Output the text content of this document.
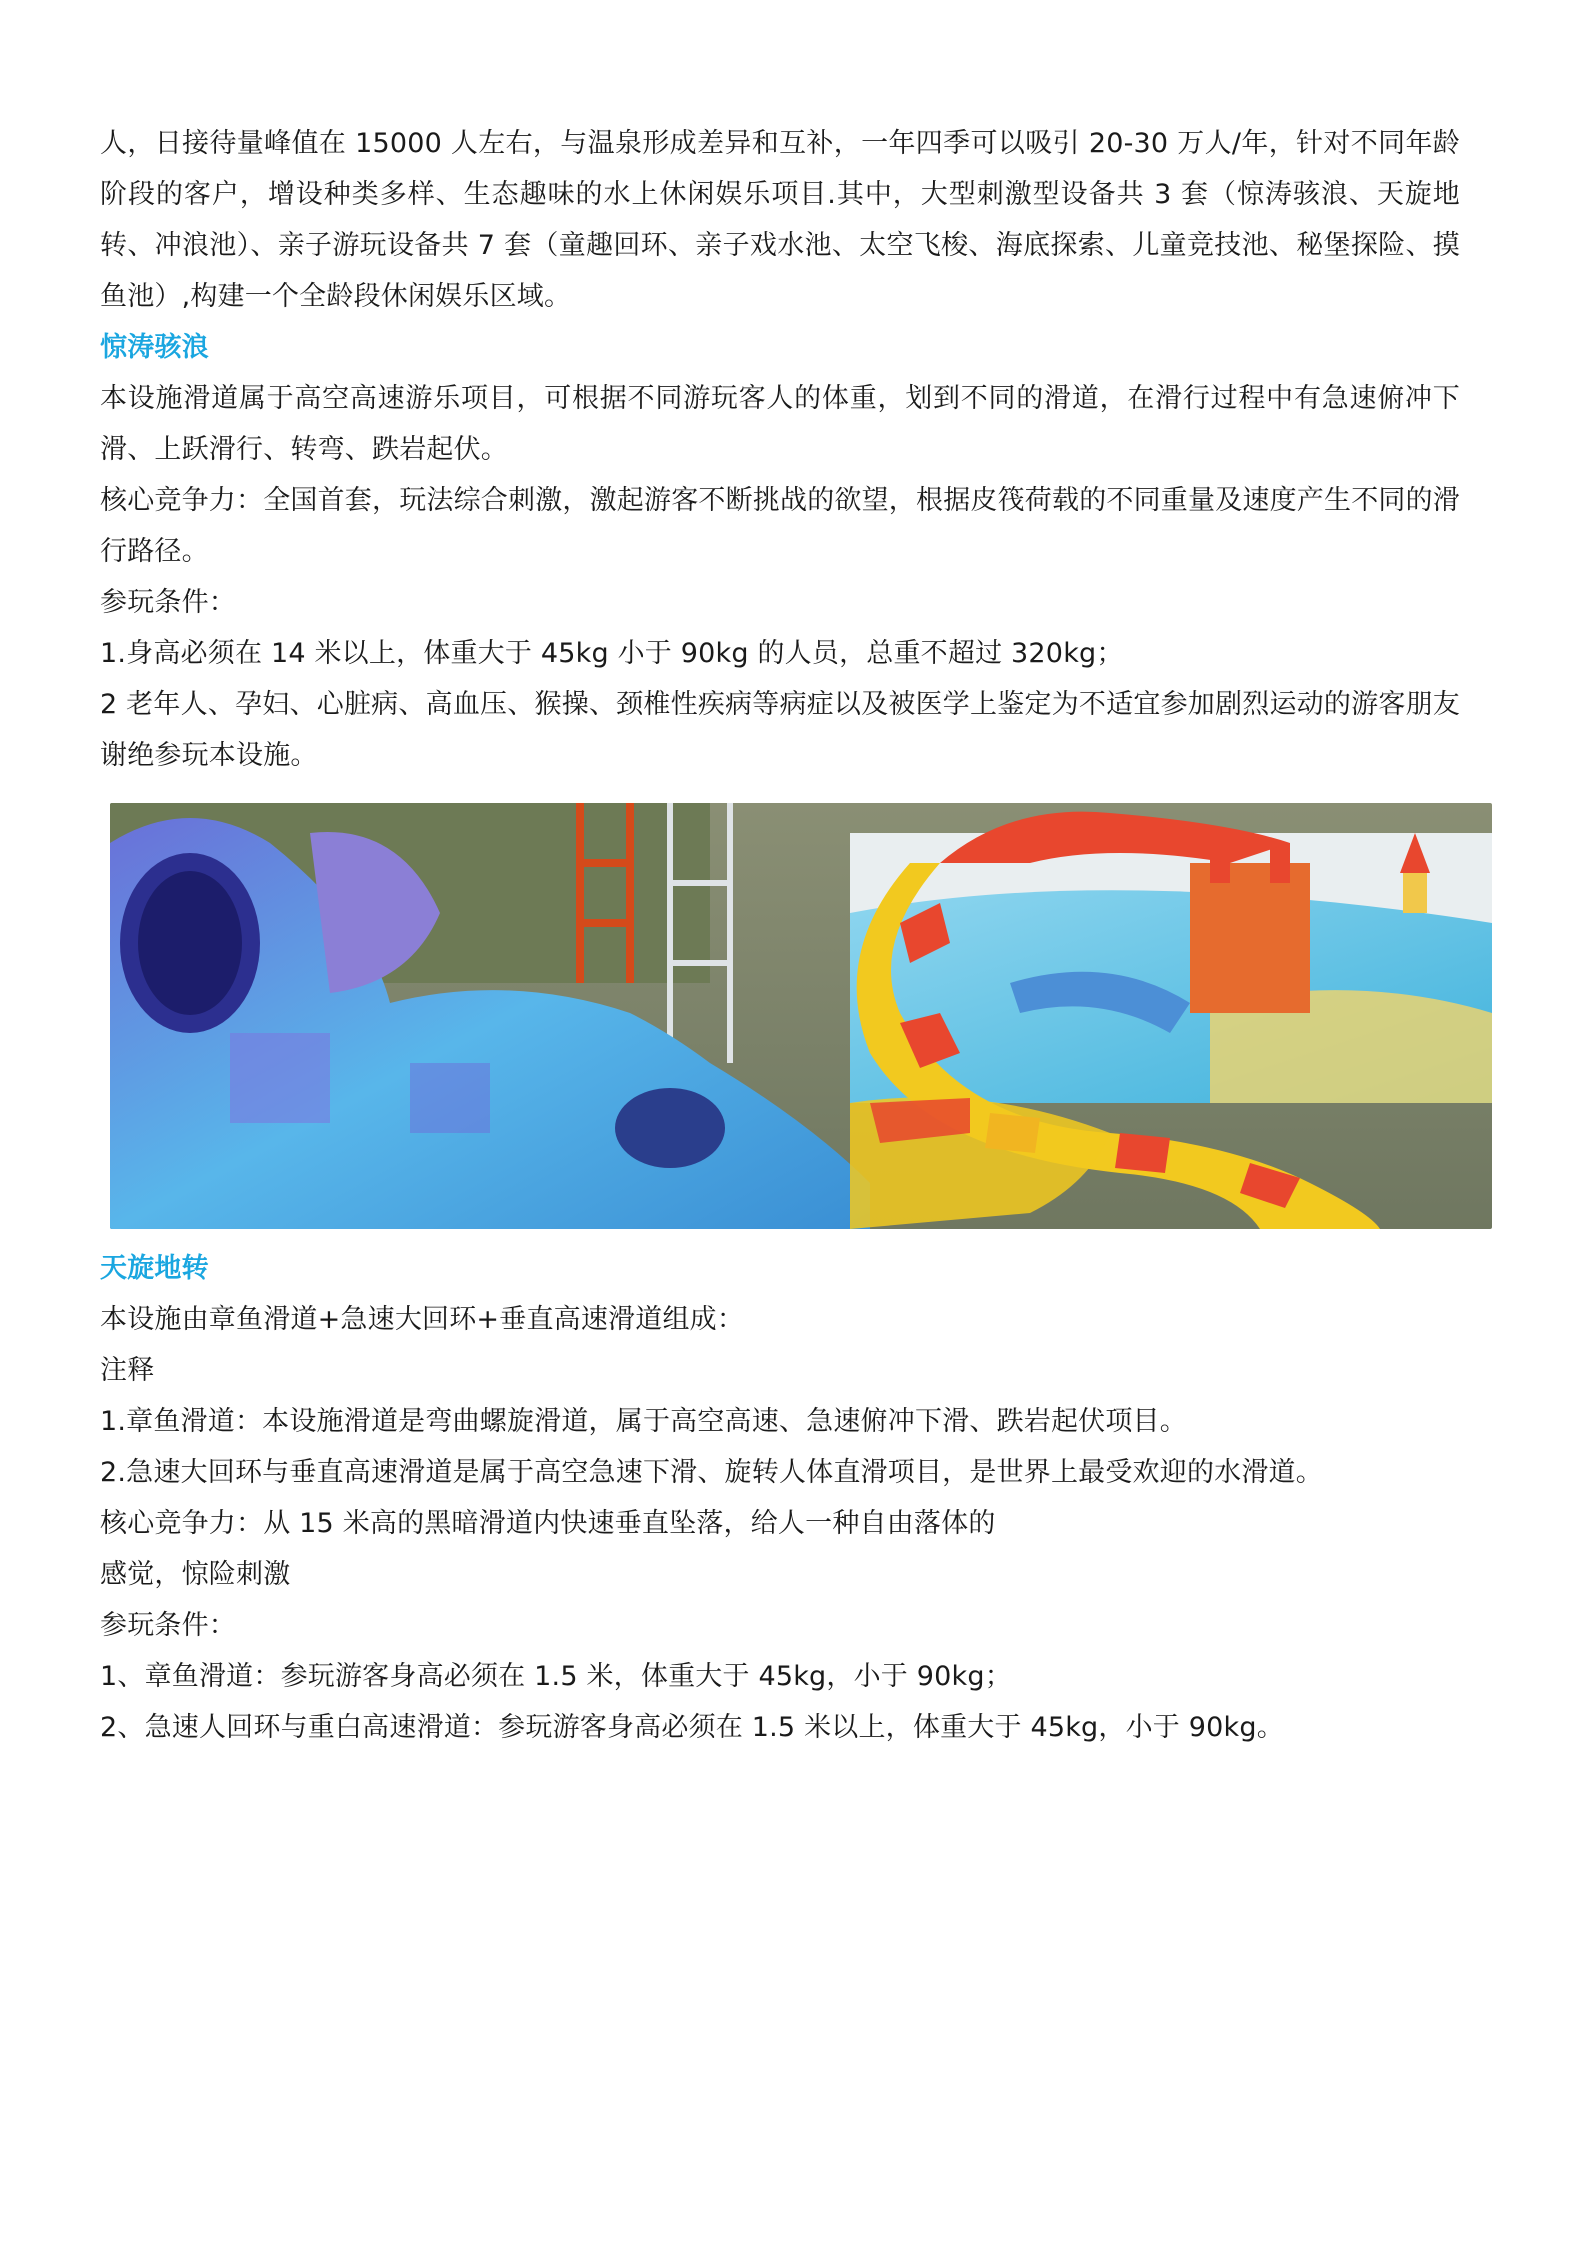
人，日接待量峰值在 15000 人左右，与温泉形成差异和互补，一年四季可以吸引 20-30 万人/年，针对不同年龄阶段的客户，增设种类多样、生态趣味的水上休闲娱乐项目.其中，大型刺激型设备共 3 套（惊涛骇浪、天旋地转、冲浪池）、亲子游玩设备共 7 套（童趣回环、亲子戏水池、太空飞梭、海底探索、儿童竞技池、秘堡探险、摸鱼池）,构建一个全龄段休闲娱乐区域。

惊涛骇浪

本设施滑道属于高空高速游乐项目，可根据不同游玩客人的体重，划到不同的滑道，在滑行过程中有急速俯冲下滑、上跃滑行、转弯、跌岩起伏。

核心竞争力：全国首套，玩法综合刺激，激起游客不断挑战的欲望，根据皮筏荷载的不同重量及速度产生不同的滑行路径。

参玩条件：

1.身高必须在 14 米以上，体重大于 45kg 小于 90kg 的人员，总重不超过 320kg；

2 老年人、孕妇、心脏病、高血压、猴操、颈椎性疾病等病症以及被医学上鉴定为不适宜参加剧烈运动的游客朋友谢绝参玩本设施。

天旋地转

本设施由章鱼滑道+急速大回环+垂直高速滑道组成：

注释

1.章鱼滑道：本设施滑道是弯曲螺旋滑道，属于高空高速、急速俯冲下滑、跌岩起伏项目。

2.急速大回环与垂直高速滑道是属于高空急速下滑、旋转人体直滑项目，是世界上最受欢迎的水滑道。

核心竞争力：从 15 米高的黑暗滑道内快速垂直坠落，给人一种自由落体的

感觉，惊险刺激

参玩条件：

1、章鱼滑道：参玩游客身高必须在 1.5 米，体重大于 45kg，小于 90kg；

2、急速人回环与重白高速滑道：参玩游客身高必须在 1.5 米以上，体重大于 45kg，小于 90kg。
